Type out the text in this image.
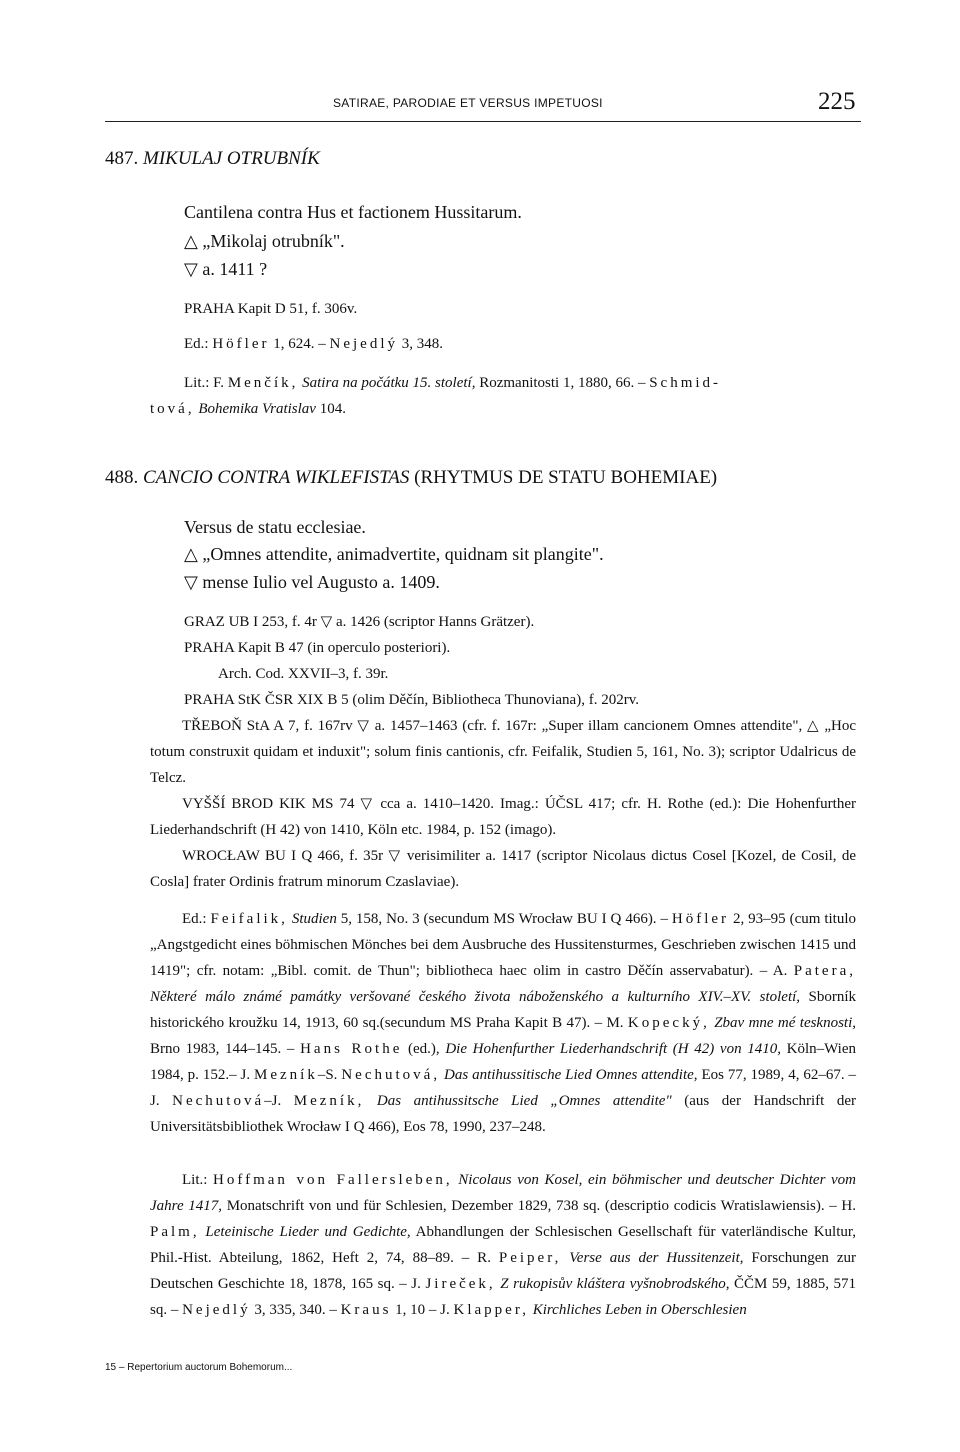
SATIRAE, PARODIAE ET VERSUS IMPETUOSI	225
487. MIKULAJ OTRUBNÍK
Cantilena contra Hus et factionem Hussitarum.
△ „Mikolaj otrubník".
▽ a. 1411 ?
PRAHA Kapit D 51, f. 306v.
Ed.: Höfler 1, 624. – Nejedlý 3, 348.
Lit.: F. Menčík, Satira na počátku 15. století, Rozmanitosti 1, 1880, 66. – Schmid-
tová, Bohemika Vratislav 104.
488. CANCIO CONTRA WIKLEFISTAS (RHYTMUS DE STATU BOHEMIAE)
Versus de statu ecclesiae.
△ „Omnes attendite, animadvertite, quidnam sit plangite".
▽ mense Iulio vel Augusto a. 1409.
GRAZ UB I 253, f. 4r ▽ a. 1426 (scriptor Hanns Grätzer).
PRAHA Kapit B 47 (in operculo posteriori).
Arch. Cod. XXVII–3, f. 39r.
PRAHA StK ČSR XIX B 5 (olim Děčín, Bibliotheca Thunoviana), f. 202rv.

TŘEBOŇ StA A 7, f. 167rv ▽ a. 1457–1463 (cfr. f. 167r: „Super illam cancionem Omnes attendite", △ „Hoc totum construxit quidam et induxit"; solum finis cantionis, cfr. Feifalik, Studien 5, 161, No. 3); scriptor Udalricus de Telcz.

VYŠŠÍ BROD KIK MS 74 ▽ cca a. 1410–1420. Imag.: ÚČSL 417; cfr. H. Rothe (ed.): Die Hohenfurther Liederhandschrift (H 42) von 1410, Köln etc. 1984, p. 152 (imago).

WROCŁAW BU I Q 466, f. 35r ▽ verisimiliter a. 1417 (scriptor Nicolaus dictus Cosel [Kozel, de Cosil, de Cosla] frater Ordinis fratrum minorum Czaslaviae).

Ed.: Feifalik, Studien 5, 158, No. 3 (secundum MS Wrocław BU I Q 466). – Höfler 2, 93–95 (cum titulo „Angstgedicht eines böhmischen Mönches bei dem Ausbruche des Hussitensturmes, Geschrieben zwischen 1415 und 1419"; cfr. notam: „Bibl. comit. de Thun"; bibliotheca haec olim in castro Děčín asservabatur). – A. Patera, Některé málo známé památky veršované českého života náboženského a kulturního XIV.–XV. století, Sborník historického kroužku 14, 1913, 60 sq.(secundum MS Praha Kapit B 47). – M. Kopecký, Zbav mne mé tesknosti, Brno 1983, 144–145. – Hans Rothe (ed.), Die Hohenfurther Liederhandschrift (H 42) von 1410, Köln–Wien 1984, p. 152.– J. Mezník–S. Nechutová, Das antihussitische Lied Omnes attendite, Eos 77, 1989, 4, 62–67. – J. Nechutová–J. Mezník, Das antihussitsche Lied „Omnes attendite" (aus der Handschrift der Universitätsbibliothek Wrocław I Q 466), Eos 78, 1990, 237–248.

Lit.: Hoffman von Fallersleben, Nicolaus von Kosel, ein böhmischer und deutscher Dichter vom Jahre 1417, Monatschrift von und für Schlesien, Dezember 1829, 738 sq. (descriptio codicis Wratislawiensis). – H. Palm, Leteinische Lieder und Gedichte, Abhandlungen der Schlesischen Gesellschaft für vaterländische Kultur, Phil.-Hist. Abteilung, 1862, Heft 2, 74, 88–89. – R. Peiper, Verse aus der Hussitenzeit, Forschungen zur Deutschen Geschichte 18, 1878, 165 sq. – J. Jireček, Z rukopisův kláštera vyšnobrodského, ČČM 59, 1885, 571 sq. – Nejedlý 3, 335, 340. – Kraus 1, 10 – J. Klapper, Kirchliches Leben in Oberschlesien

15 – Repertorium auctorum Bohemorum...
